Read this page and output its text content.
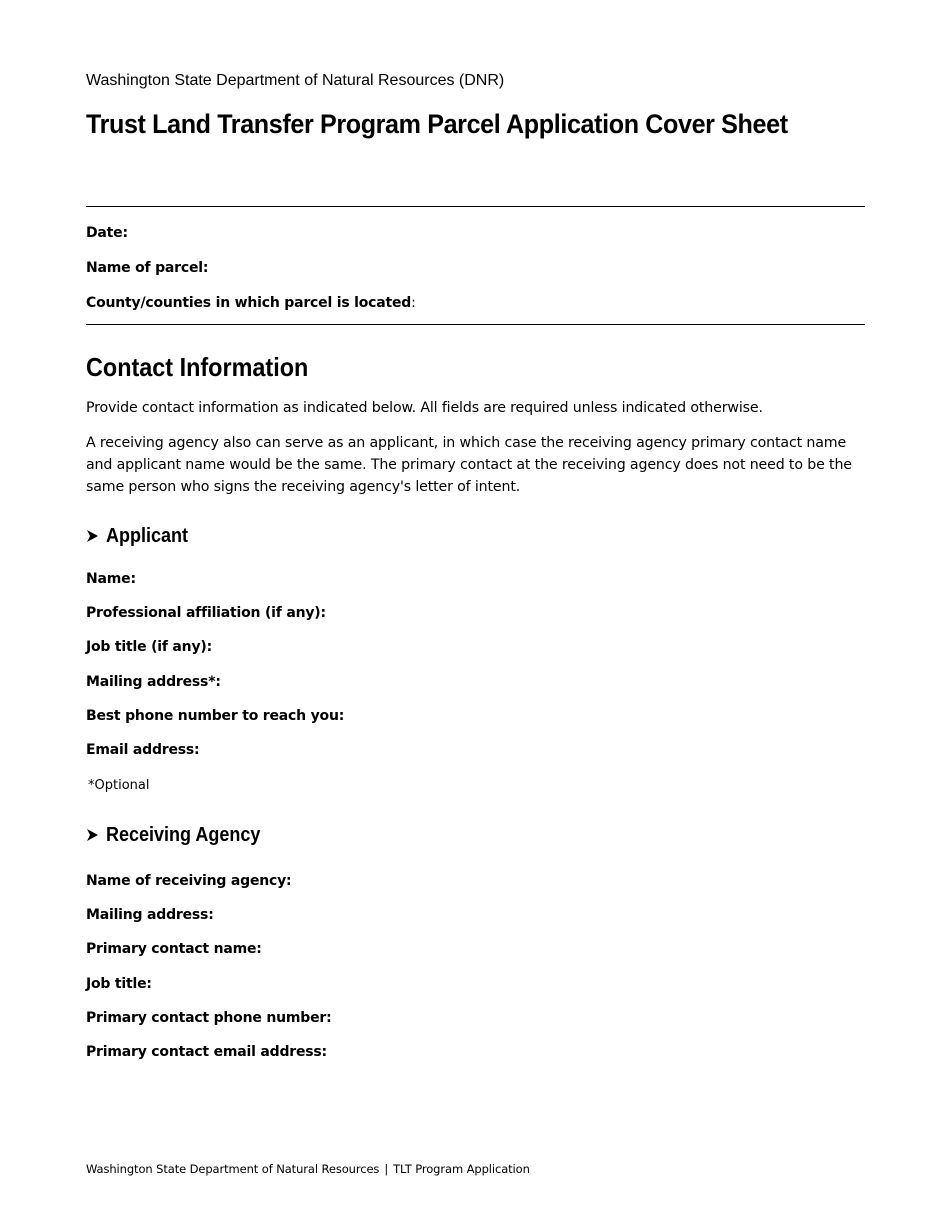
Washington State Department of Natural Resources (DNR)
Trust Land Transfer Program Parcel Application Cover Sheet
Date:
Name of parcel:
County/counties in which parcel is located:
Contact Information

Provide contact information as indicated below. All fields are required unless indicated otherwise.

A receiving agency also can serve as an applicant, in which case the receiving agency primary contact name and applicant name would be the same. The primary contact at the receiving agency does not need to be the same person who signs the receiving agency's letter of intent.

Applicant
Name:
Professional affiliation (if any):
Job title (if any):
Mailing address*:
Best phone number to reach you:
Email address:
*Optional
Receiving Agency
Name of receiving agency:
Mailing address:
Primary contact name:
Job title:
Primary contact phone number:
Primary contact email address:
Washington State Department of Natural Resources | TLT Program Application
